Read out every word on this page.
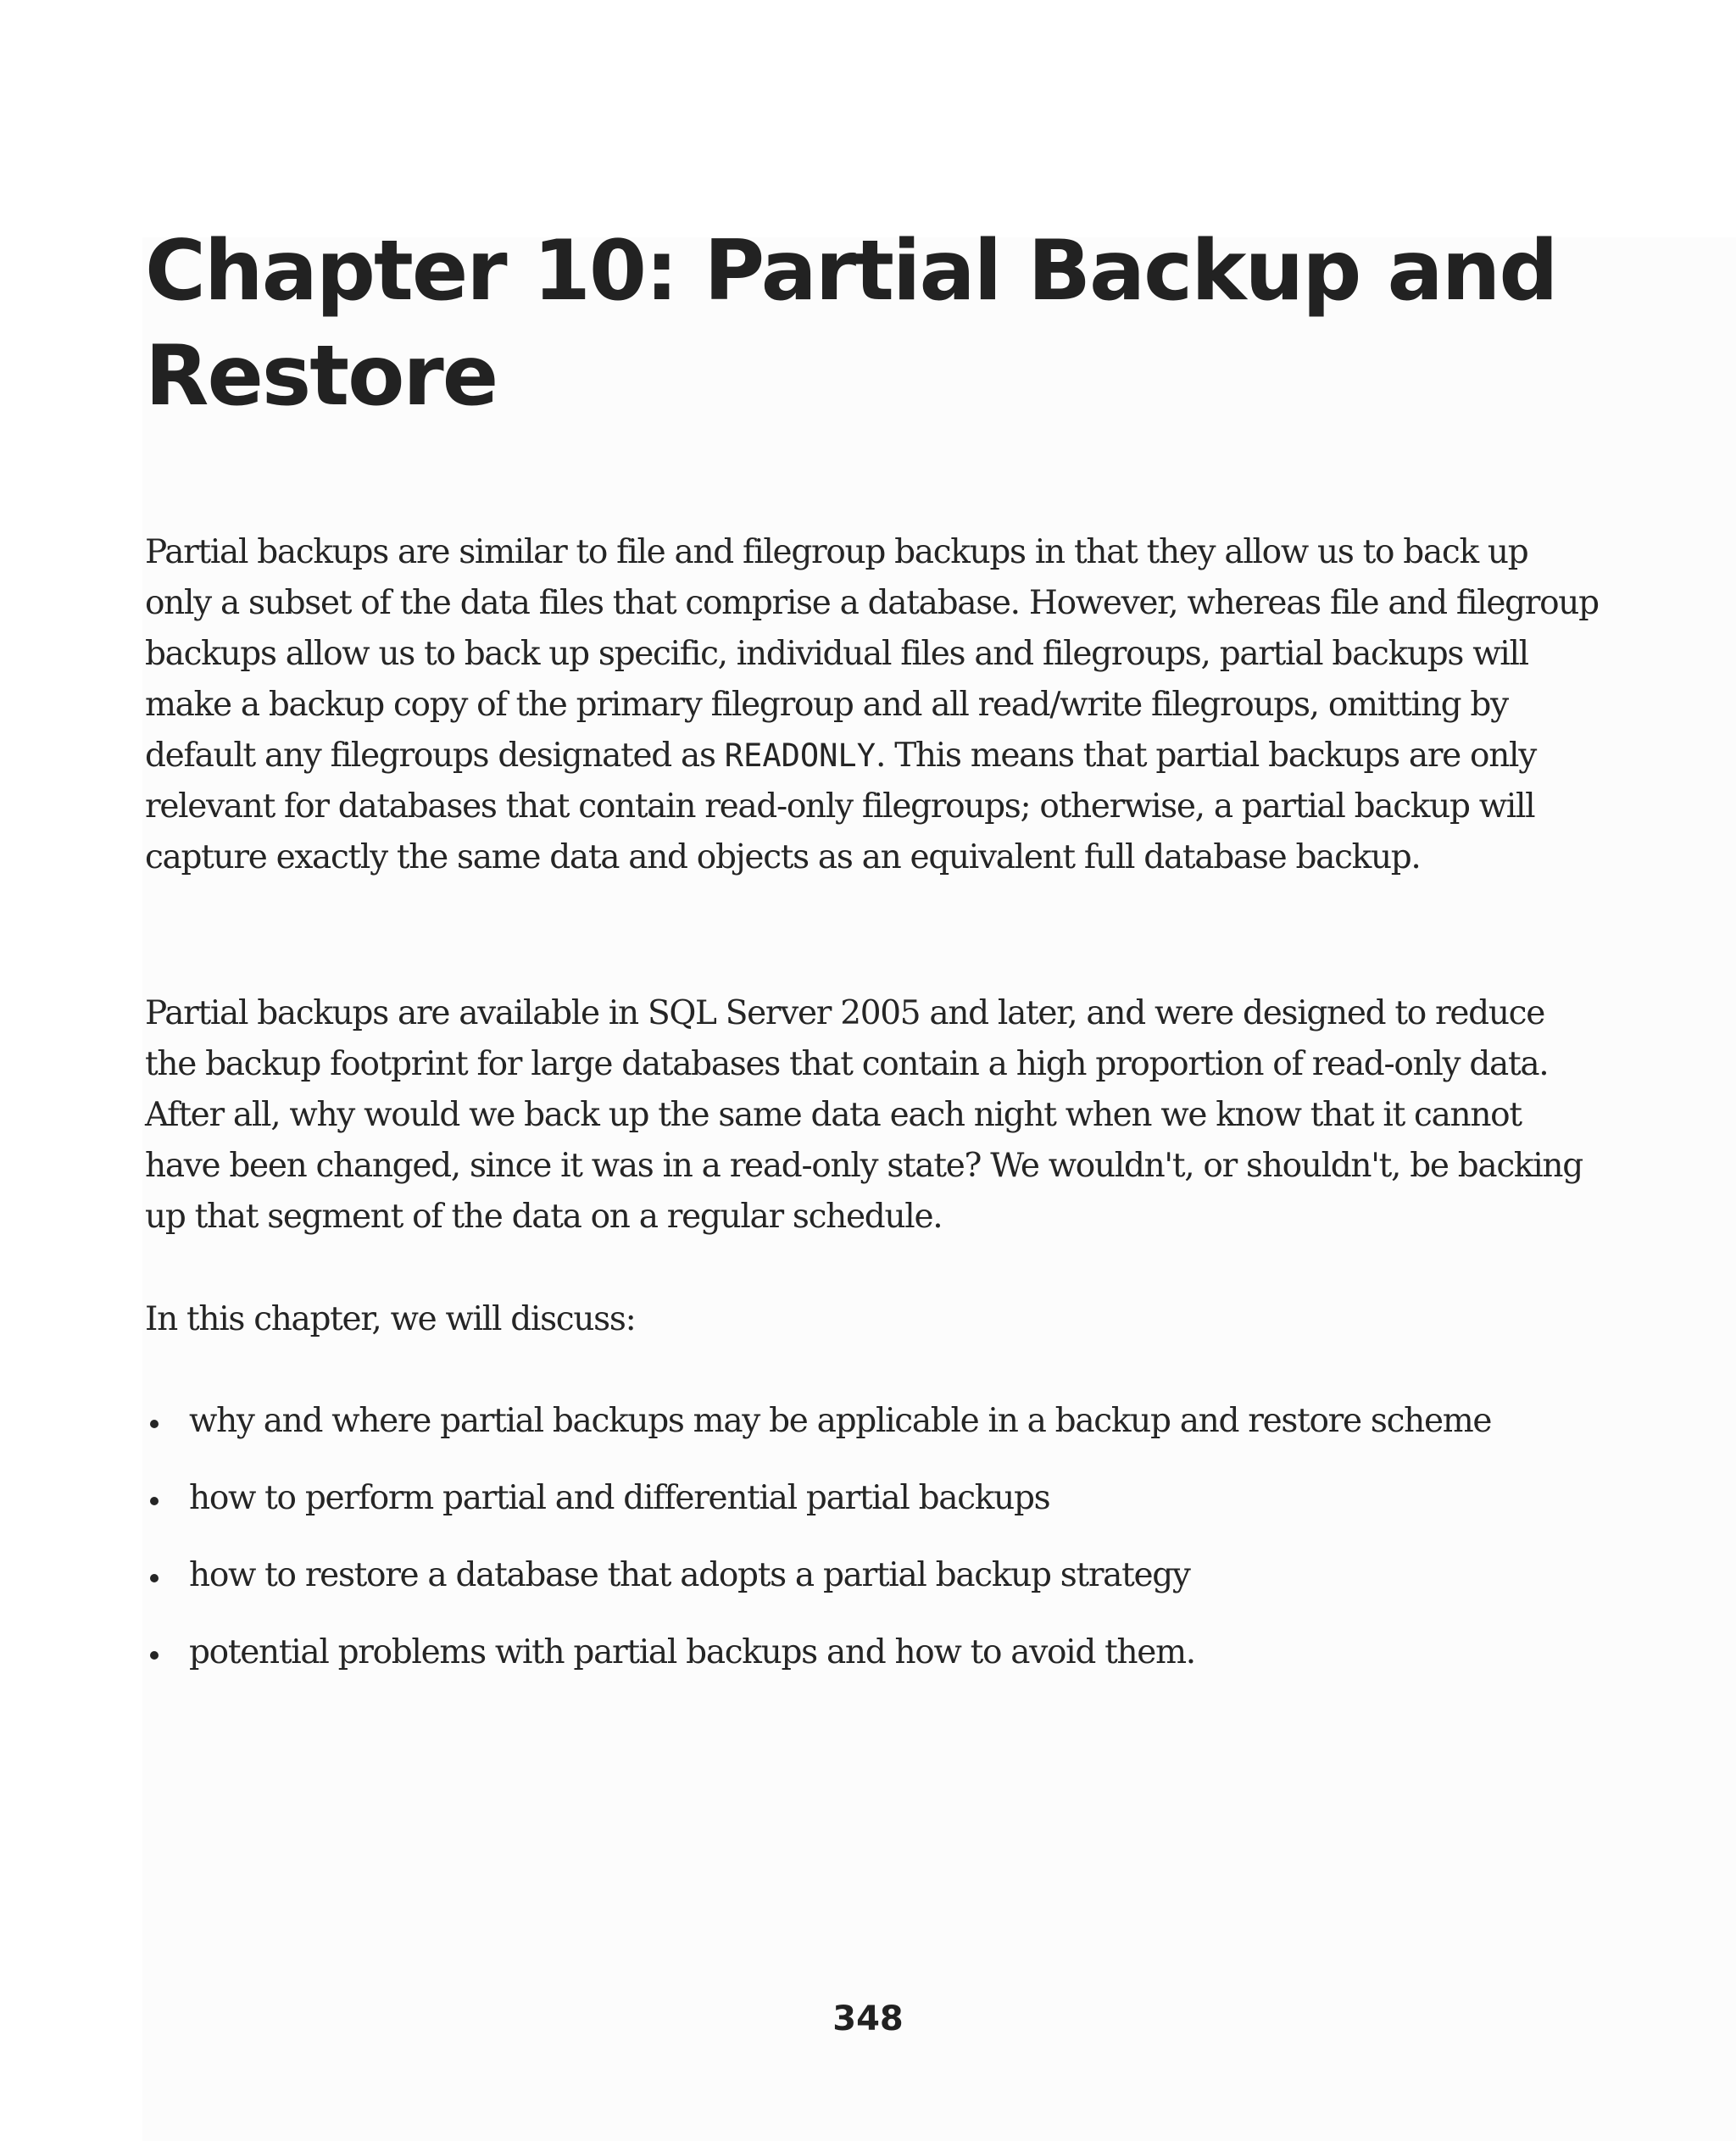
Chapter 10: Partial Backup and Restore

Partial backups are similar to file and filegroup backups in that they allow us to back up only a subset of the data files that comprise a database. However, whereas file and filegroup backups allow us to back up specific, individual files and filegroups, partial backups will make a backup copy of the primary filegroup and all read/write filegroups, omitting by default any filegroups designated as READONLY. This means that partial backups are only relevant for databases that contain read-only filegroups; otherwise, a partial backup will capture exactly the same data and objects as an equivalent full database backup.

Partial backups are available in SQL Server 2005 and later, and were designed to reduce the backup footprint for large databases that contain a high proportion of read-only data. After all, why would we back up the same data each night when we know that it cannot have been changed, since it was in a read-only state? We wouldn't, or shouldn't, be backing up that segment of the data on a regular schedule.

In this chapter, we will discuss:

why and where partial backups may be applicable in a backup and restore scheme
how to perform partial and differential partial backups
how to restore a database that adopts a partial backup strategy
potential problems with partial backups and how to avoid them.
348
